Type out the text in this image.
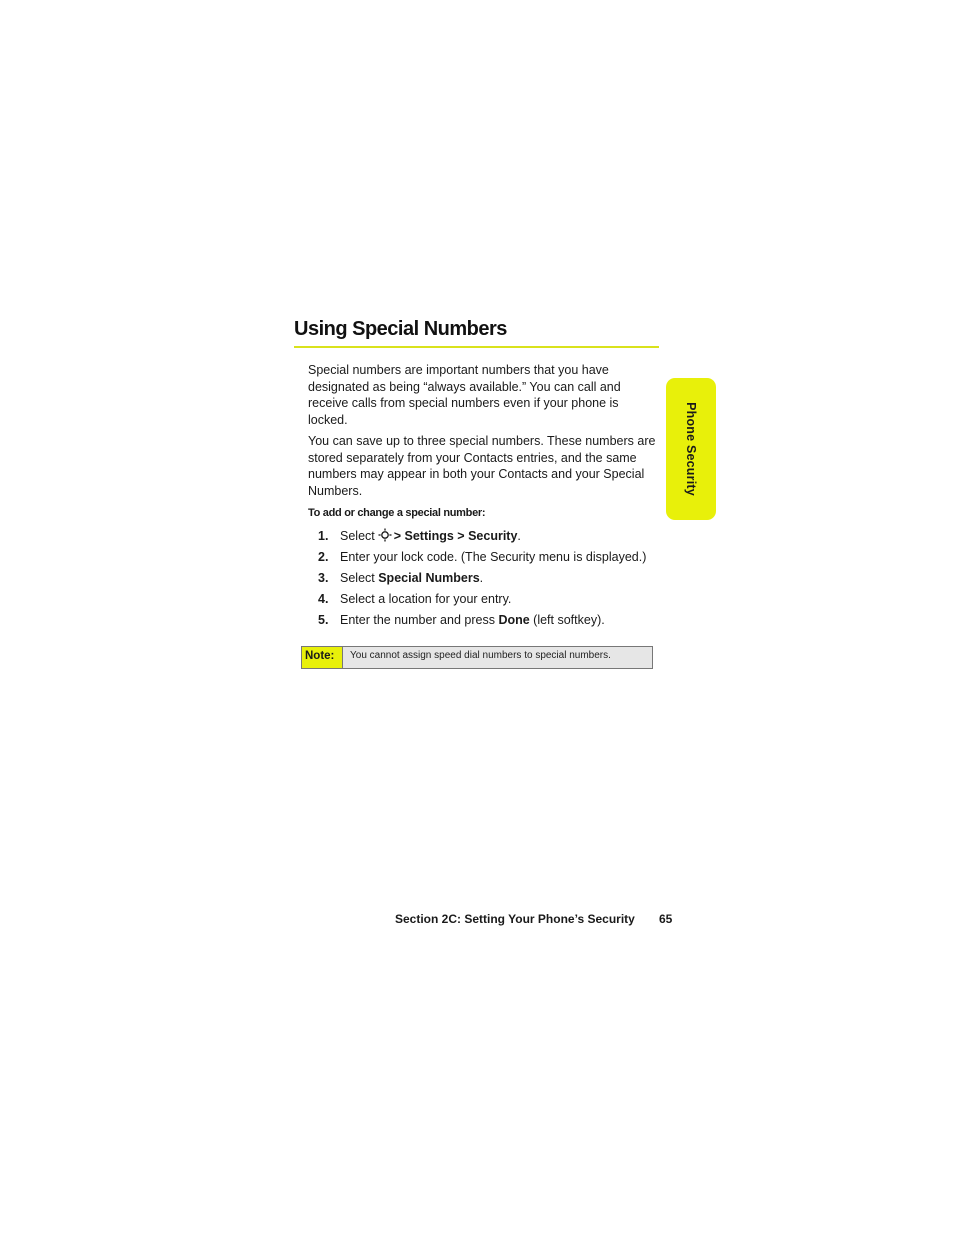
Using Special Numbers

Special numbers are important numbers that you have designated as being “always available.” You can call and receive calls from special numbers even if your phone is locked.

You can save up to three special numbers. These numbers are stored separately from your Contacts entries, and the same numbers may appear in both your Contacts and your Special Numbers.

To add or change a special number:
1. Select > Settings > Security.
2. Enter your lock code. (The Security menu is displayed.)
3. Select Special Numbers.
4. Select a location for your entry.
5. Enter the number and press Done (left softkey).
Note:	You cannot assign speed dial numbers to special numbers.
Phone Security
Section 2C: Setting Your Phone’s Security 65
